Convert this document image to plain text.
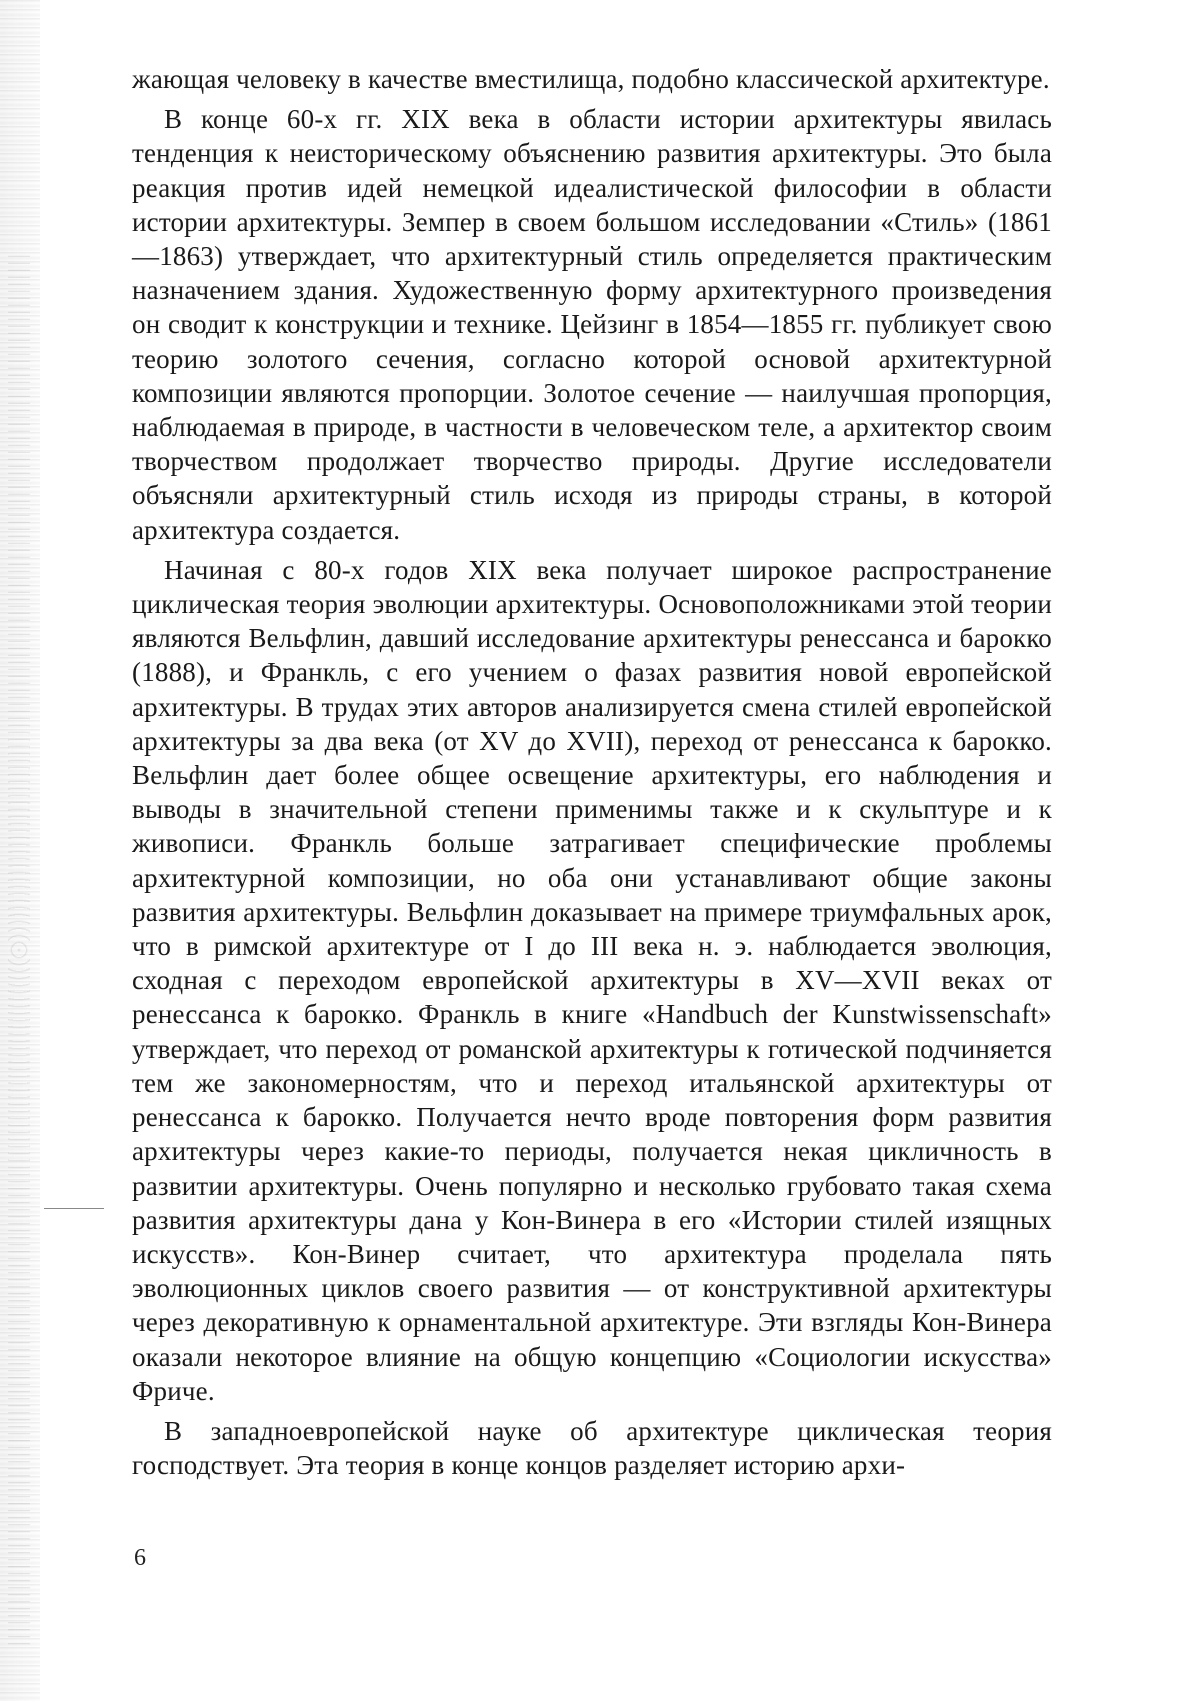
жающая человеку в качестве вместилища, подобно классической архитектуре.

В конце 60-х гг. XIX века в области истории архитектуры явилась тенденция к неисторическому объяснению развития архитектуры. Это была реакция против идей немецкой идеалистической философии в области истории архитектуры. Земпер в своем большом исследовании «Стиль» (1861—1863) утверждает, что архитектурный стиль определяется практическим назначением здания. Художественную форму архитектурного произведения он сводит к конструкции и технике. Цейзинг в 1854—1855 гг. публикует свою теорию золотого сечения, согласно которой основой архитектурной композиции являются пропорции. Золотое сечение — наилучшая пропорция, наблюдаемая в природе, в частности в человеческом теле, а архитектор своим творчеством продолжает творчество природы. Другие исследователи объясняли архитектурный стиль исходя из природы страны, в которой архитектура создается.

Начиная с 80-х годов XIX века получает широкое распространение циклическая теория эволюции архитектуры. Основоположниками этой теории являются Вельфлин, давший исследование архитектуры ренессанса и барокко (1888), и Франкль, с его учением о фазах развития новой европейской архитектуры. В трудах этих авторов анализируется смена стилей европейской архитектуры за два века (от XV до XVII), переход от ренессанса к барокко. Вельфлин дает более общее освещение архитектуры, его наблюдения и выводы в значительной степени применимы также и к скульптуре и к живописи. Франкль больше затрагивает специфические проблемы архитектурной композиции, но оба они устанавливают общие законы развития архитектуры. Вельфлин доказывает на примере триумфальных арок, что в римской архитектуре от I до III века н. э. наблюдается эволюция, сходная с переходом европейской архитектуры в XV—XVII веках от ренессанса к барокко. Франкль в книге «Handbuch der Kunstwissenschaft» утверждает, что переход от романской архитектуры к готической подчиняется тем же закономерностям, что и переход итальянской архитектуры от ренессанса к барокко. Получается нечто вроде повторения форм развития архитектуры через какие-то периоды, получается некая цикличность в развитии архитектуры. Очень популярно и несколько грубовато такая схема развития архитектуры дана у Кон-Винера в его «Истории стилей изящных искусств». Кон-Винер считает, что архитектура проделала пять эволюционных циклов своего развития — от конструктивной архитектуры через декоративную к орнаментальной архитектуре. Эти взгляды Кон-Винера оказали некоторое влияние на общую концепцию «Социологии искусства» Фриче.

В западноевропейской науке об архитектуре циклическая теория господствует. Эта теория в конце концов разделяет историю архи-

6
